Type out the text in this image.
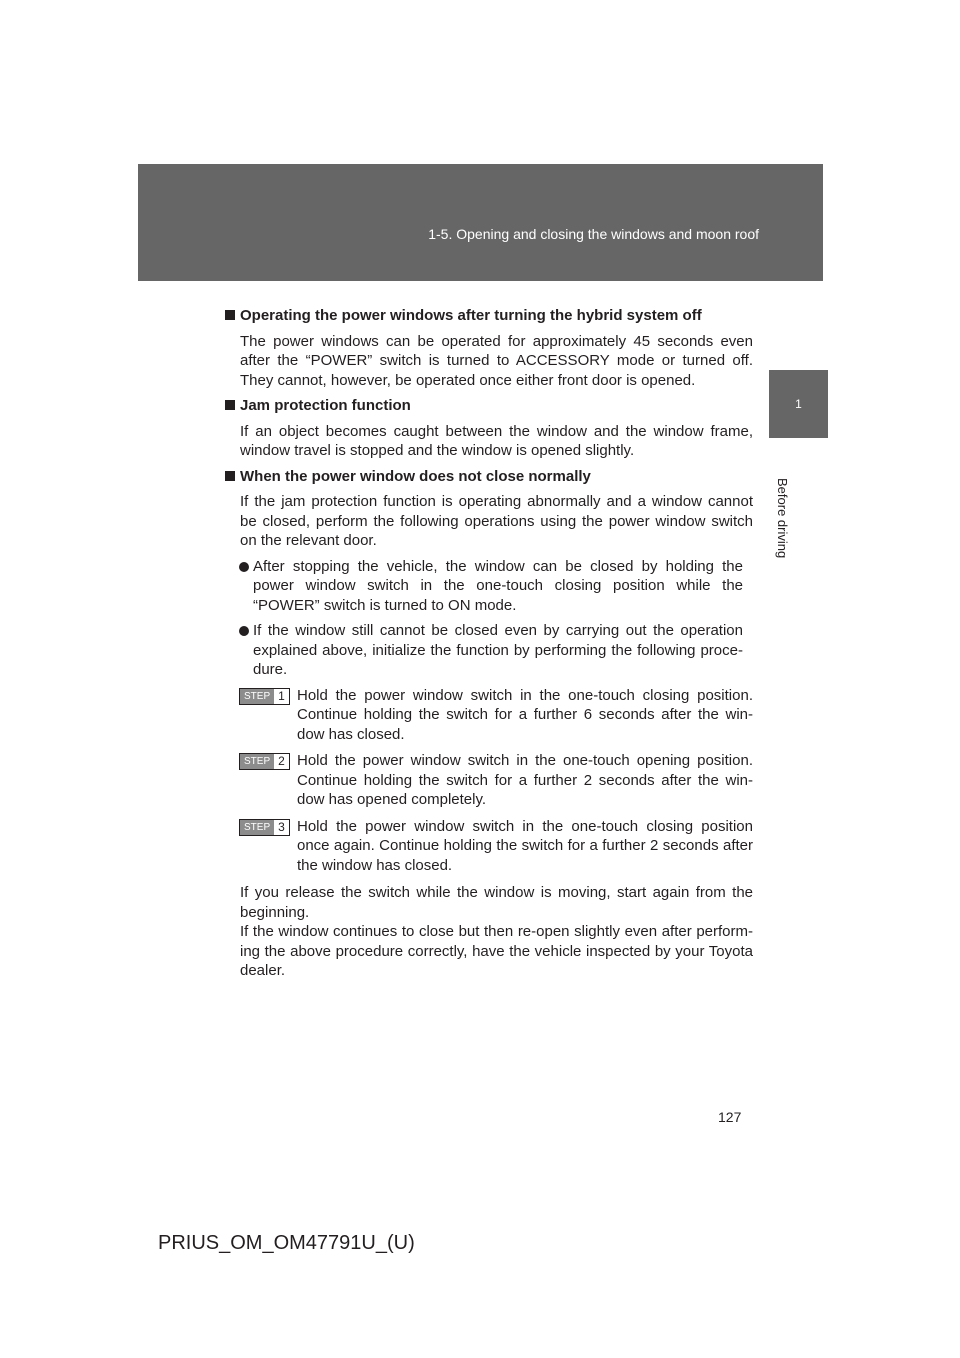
1-5. Opening and closing the windows and moon roof
1
Before driving

Operating the power windows after turning the hybrid system off

The power windows can be operated for approximately 45 seconds even after the “POWER” switch is turned to ACCESSORY mode or turned off. They cannot, however, be operated once either front door is opened.

Jam protection function

If an object becomes caught between the window and the window frame, window travel is stopped and the window is opened slightly.

When the power window does not close normally

If the jam protection function is operating abnormally and a window cannot be closed, perform the following operations using the power window switch on the relevant door.

After stopping the vehicle, the window can be closed by holding the power window switch in the one-touch closing position while the “POWER” switch is turned to ON mode.
If the window still cannot be closed even by carrying out the operation explained above, initialize the function by performing the following proce-dure.
STEP 1 Hold the power window switch in the one-touch closing position. Continue holding the switch for a further 6 seconds after the win-dow has closed.
STEP 2 Hold the power window switch in the one-touch opening position. Continue holding the switch for a further 2 seconds after the win-dow has opened completely.
STEP 3 Hold the power window switch in the one-touch closing position once again. Continue holding the switch for a further 2 seconds after the window has closed.

If you release the switch while the window is moving, start again from the beginning.
If the window continues to close but then re-open slightly even after perform-ing the above procedure correctly, have the vehicle inspected by your Toyota dealer.

127
PRIUS_OM_OM47791U_(U)
